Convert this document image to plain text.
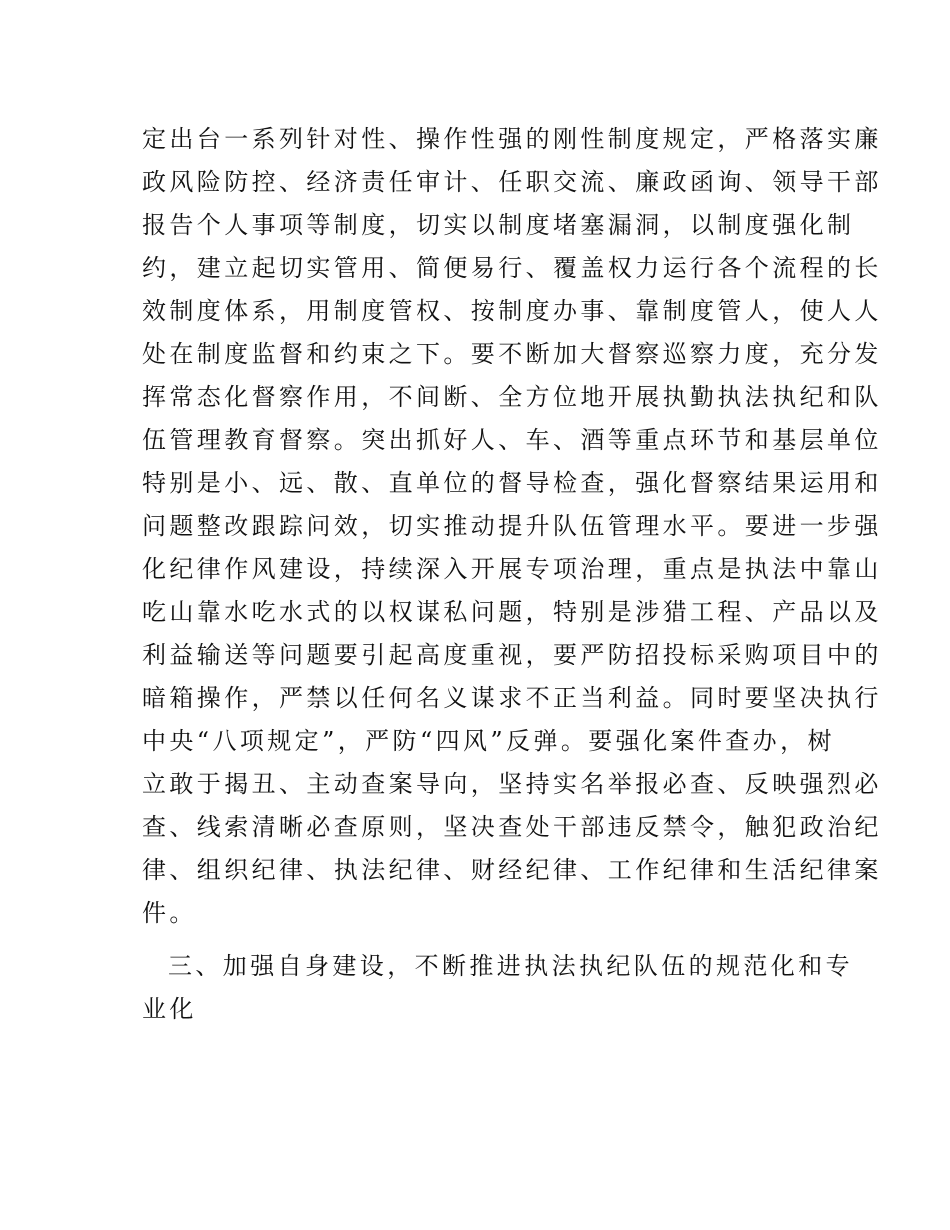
定出台一系列针对性、操作性强的刚性制度规定，严格落实廉
政风险防控、经济责任审计、任职交流、廉政函询、领导干部
报告个人事项等制度，切实以制度堵塞漏洞，以制度强化制
约，建立起切实管用、简便易行、覆盖权力运行各个流程的长
效制度体系，用制度管权、按制度办事、靠制度管人，使人人
处在制度监督和约束之下。要不断加大督察巡察力度，充分发
挥常态化督察作用，不间断、全方位地开展执勤执法执纪和队
伍管理教育督察。突出抓好人、车、酒等重点环节和基层单位
特别是小、远、散、直单位的督导检查，强化督察结果运用和
问题整改跟踪问效，切实推动提升队伍管理水平。要进一步强
化纪律作风建设，持续深入开展专项治理，重点是执法中靠山
吃山靠水吃水式的以权谋私问题，特别是涉猎工程、产品以及
利益输送等问题要引起高度重视，要严防招投标采购项目中的
暗箱操作，严禁以任何名义谋求不正当利益。同时要坚决执行
中央“八项规定”，严防“四风”反弹。要强化案件查办，树
立敢于揭丑、主动查案导向，坚持实名举报必查、反映强烈必
查、线索清晰必查原则，坚决查处干部违反禁令，触犯政治纪
律、组织纪律、执法纪律、财经纪律、工作纪律和生活纪律案
件。
三、加强自身建设，不断推进执法执纪队伍的规范化和专
业化
